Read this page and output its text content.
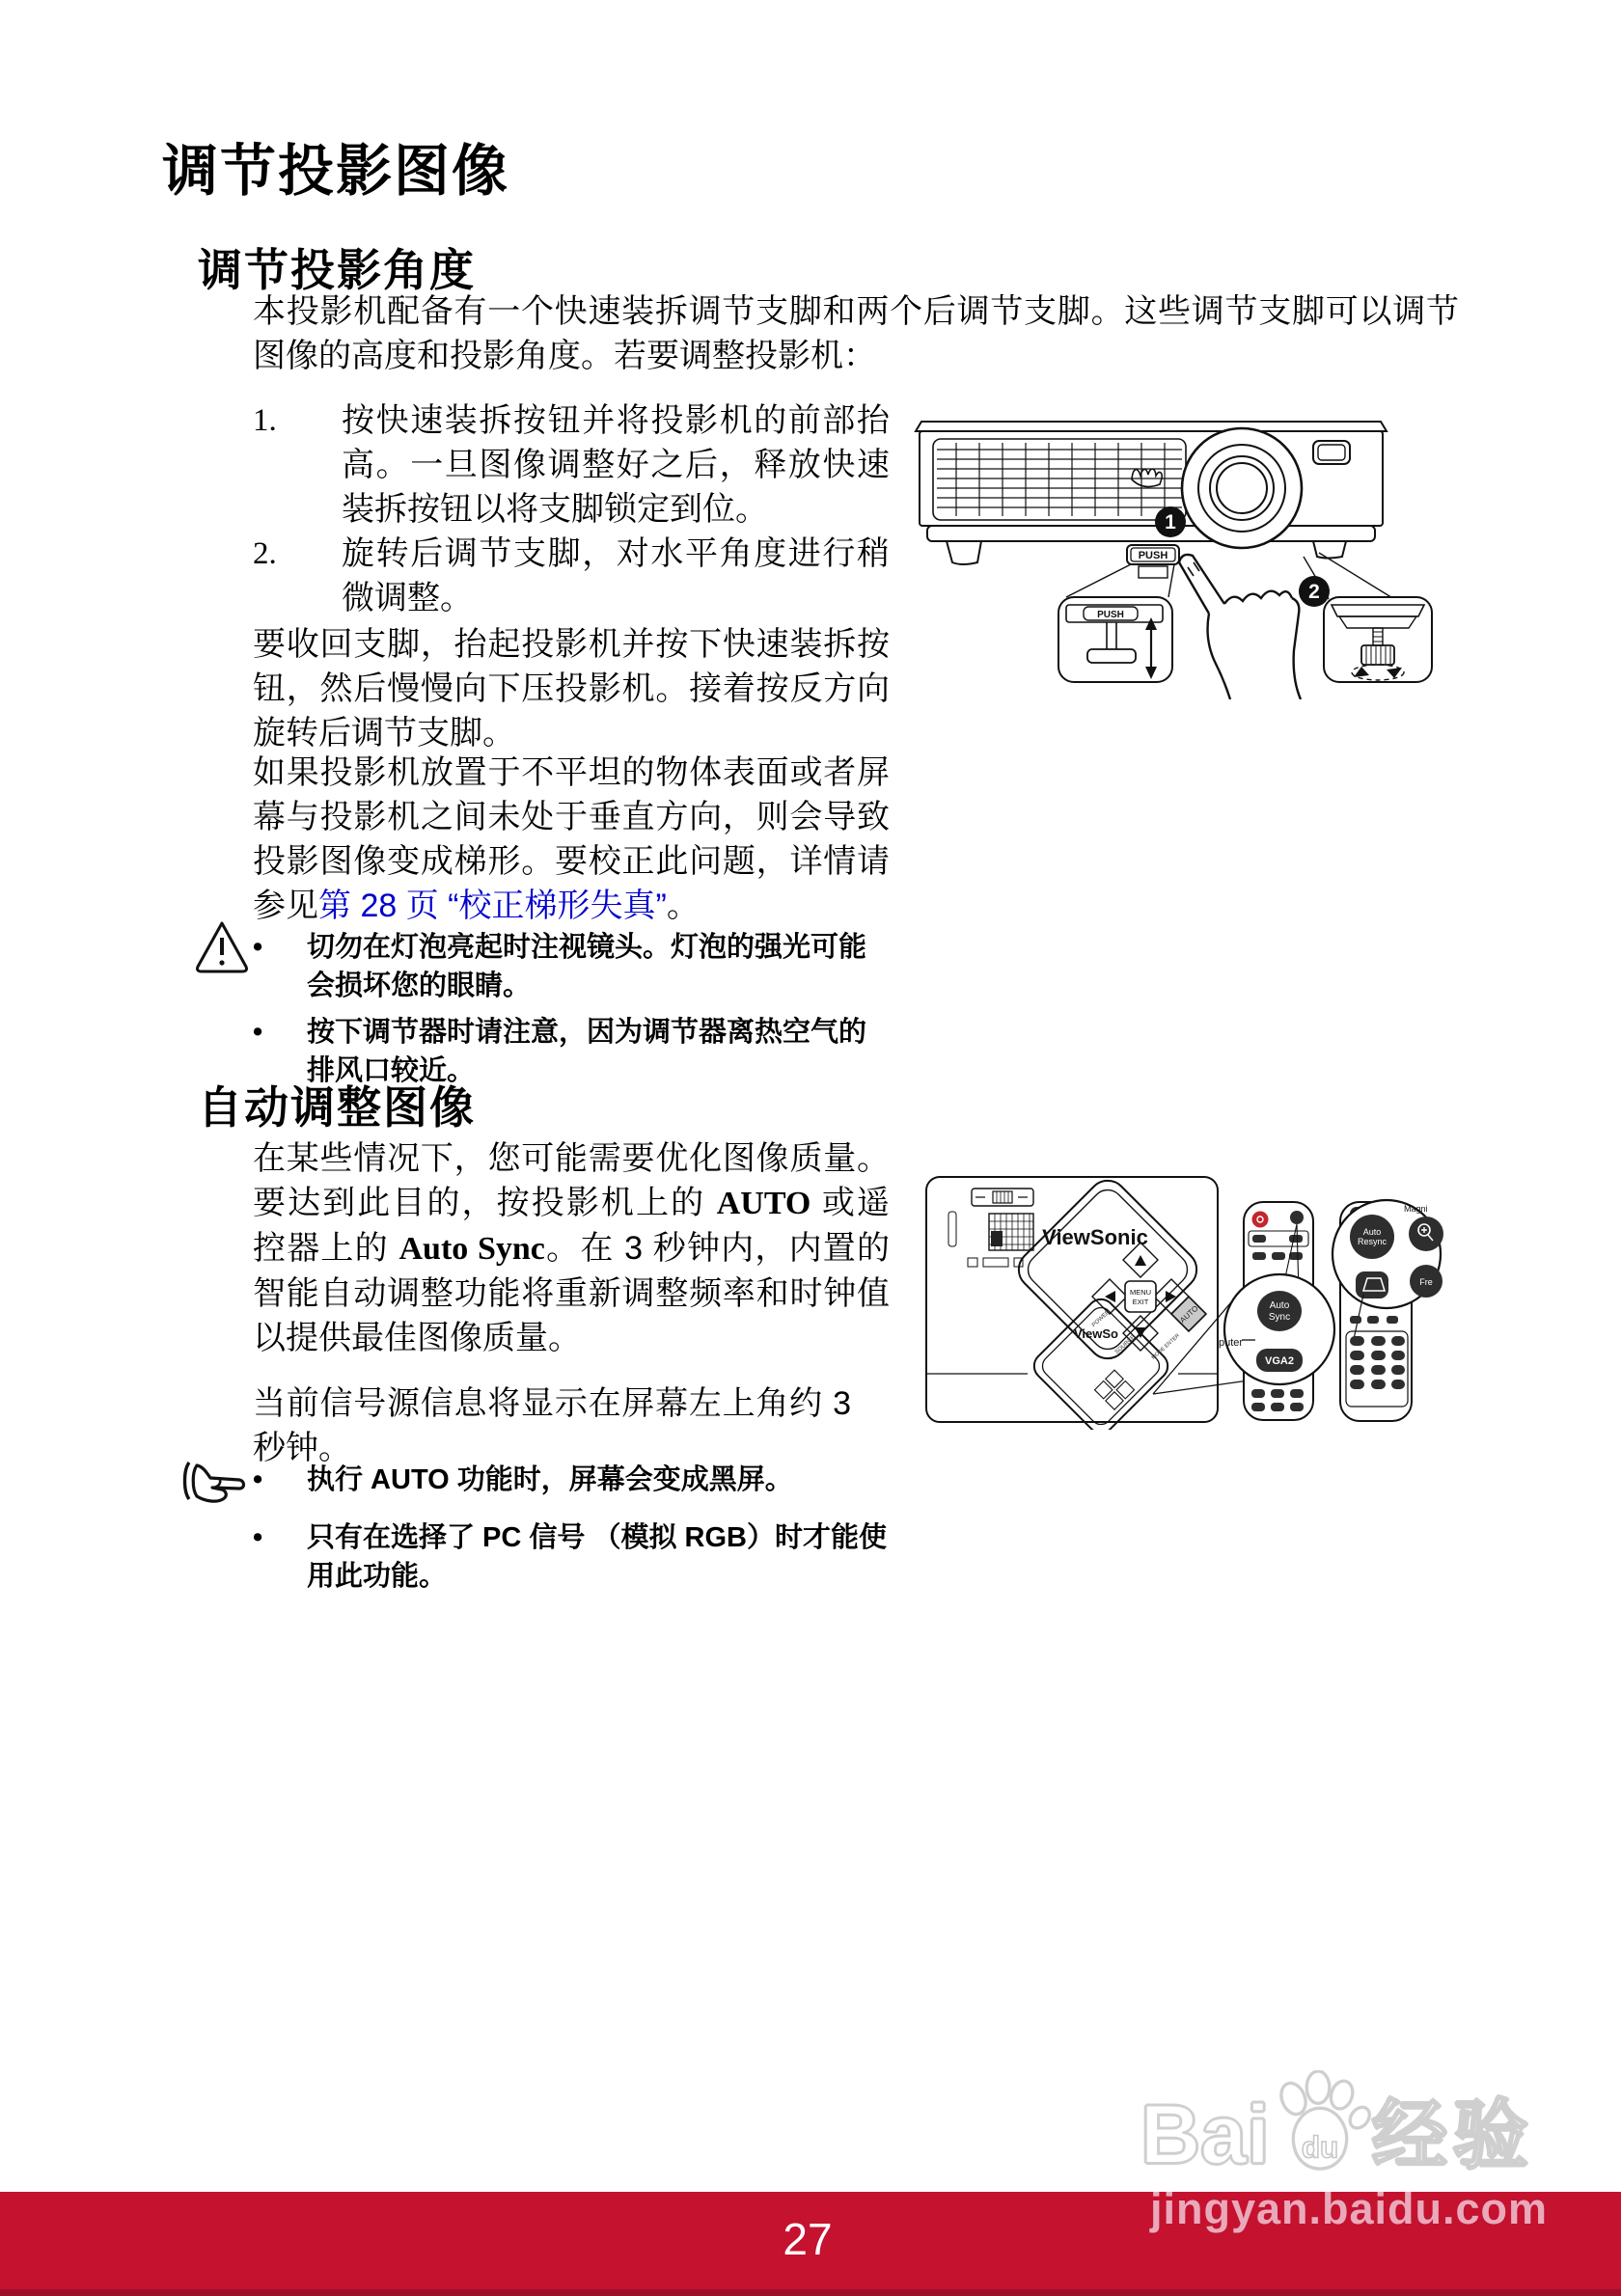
调节投影图像
调节投影角度
本投影机配备有一个快速装拆调节支脚和两个后调节支脚。这些调节支脚可以调节图像的高度和投影角度。若要调整投影机：
1.	按快速装拆按钮并将投影机的前部抬高。一旦图像调整好之后，释放快速装拆按钮以将支脚锁定到位。
2.	旋转后调节支脚，对水平角度进行稍微调整。
要收回支脚，抬起投影机并按下快速装拆按钮，然后慢慢向下压投影机。接着按反方向旋转后调节支脚。
如果投影机放置于不平坦的物体表面或者屏幕与投影机之间未处于垂直方向，则会导致投影图像变成梯形。要校正此问题，详情请参见第 28 页 “校正梯形失真”。
•	切勿在灯泡亮起时注视镜头。灯泡的强光可能会损坏您的眼睛。
•	按下调节器时请注意，因为调节器离热空气的排风口较近。
自动调整图像
在某些情况下，您可能需要优化图像质量。要达到此目的，按投影机上的 AUTO 或遥控器上的 Auto Sync。在 3 秒钟内，内置的智能自动调整功能将重新调整频率和时钟值以提供最佳图像质量。
当前信号源信息将显示在屏幕左上角约 3 秒钟。
•	执行 AUTO 功能时，屏幕会变成黑屏。
•	只有在选择了 PC 信号 （模拟 RGB）时才能使用此功能。
1
2
PUSH
PUSH
ViewSonic
ViewSo
MENU
EXIT
AUTO
POWER
SOURCE	MODE ENTER
Auto
Sync
VGA2
puter
Auto
Resync
Magni
Fre
Bai du 经验
jingyan.baidu.com
27
